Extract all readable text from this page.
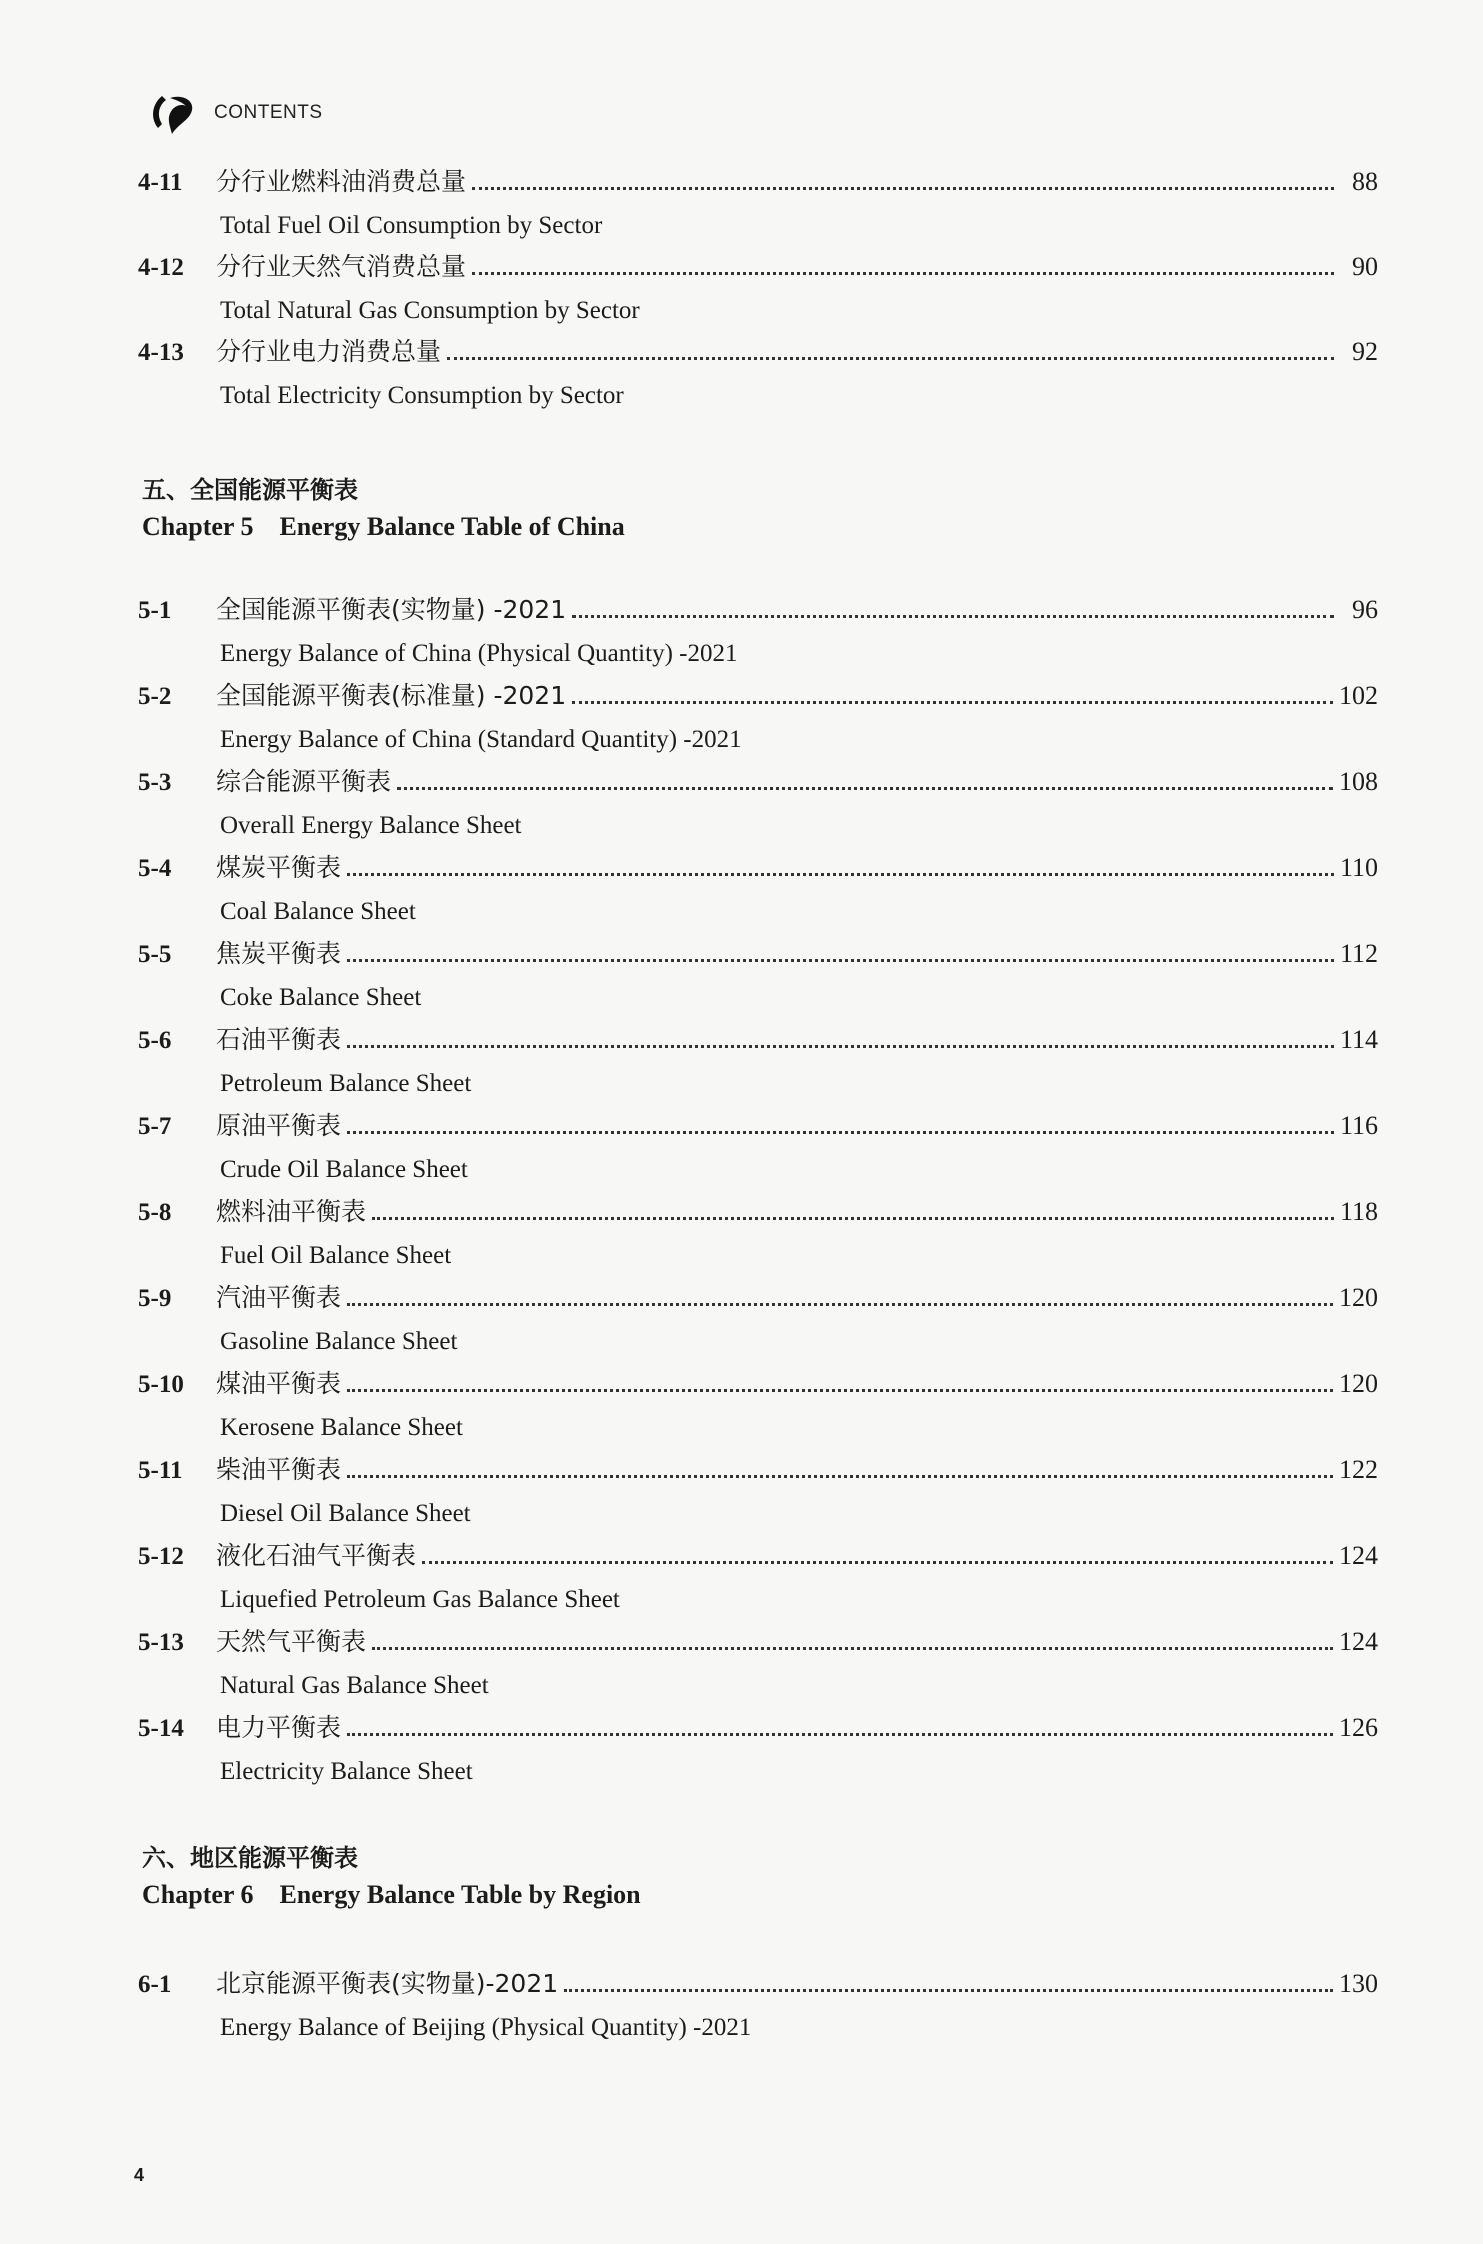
CONTENTS
4-11	分行业燃料油消费总量	88
Total Fuel Oil Consumption by Sector
4-12	分行业天然气消费总量	90
Total Natural Gas Consumption by Sector
4-13	分行业电力消费总量	92
Total Electricity Consumption by Sector
五、全国能源平衡表
Chapter 5    Energy Balance Table of China
5-1	全国能源平衡表(实物量) -2021	96
Energy Balance of China (Physical Quantity) -2021
5-2	全国能源平衡表(标准量) -2021	102
Energy Balance of China (Standard Quantity) -2021
5-3	综合能源平衡表	108
Overall Energy Balance Sheet
5-4	煤炭平衡表	110
Coal Balance Sheet
5-5	焦炭平衡表	112
Coke Balance Sheet
5-6	石油平衡表	114
Petroleum Balance Sheet
5-7	原油平衡表	116
Crude Oil Balance Sheet
5-8	燃料油平衡表	118
Fuel Oil Balance Sheet
5-9	汽油平衡表	120
Gasoline Balance Sheet
5-10	煤油平衡表	120
Kerosene Balance Sheet
5-11	柴油平衡表	122
Diesel Oil Balance Sheet
5-12	液化石油气平衡表	124
Liquefied Petroleum Gas Balance Sheet
5-13	天然气平衡表	124
Natural Gas Balance Sheet
5-14	电力平衡表	126
Electricity Balance Sheet
六、地区能源平衡表
Chapter 6    Energy Balance Table by Region
6-1	北京能源平衡表(实物量)-2021	130
Energy Balance of Beijing (Physical Quantity) -2021
4
